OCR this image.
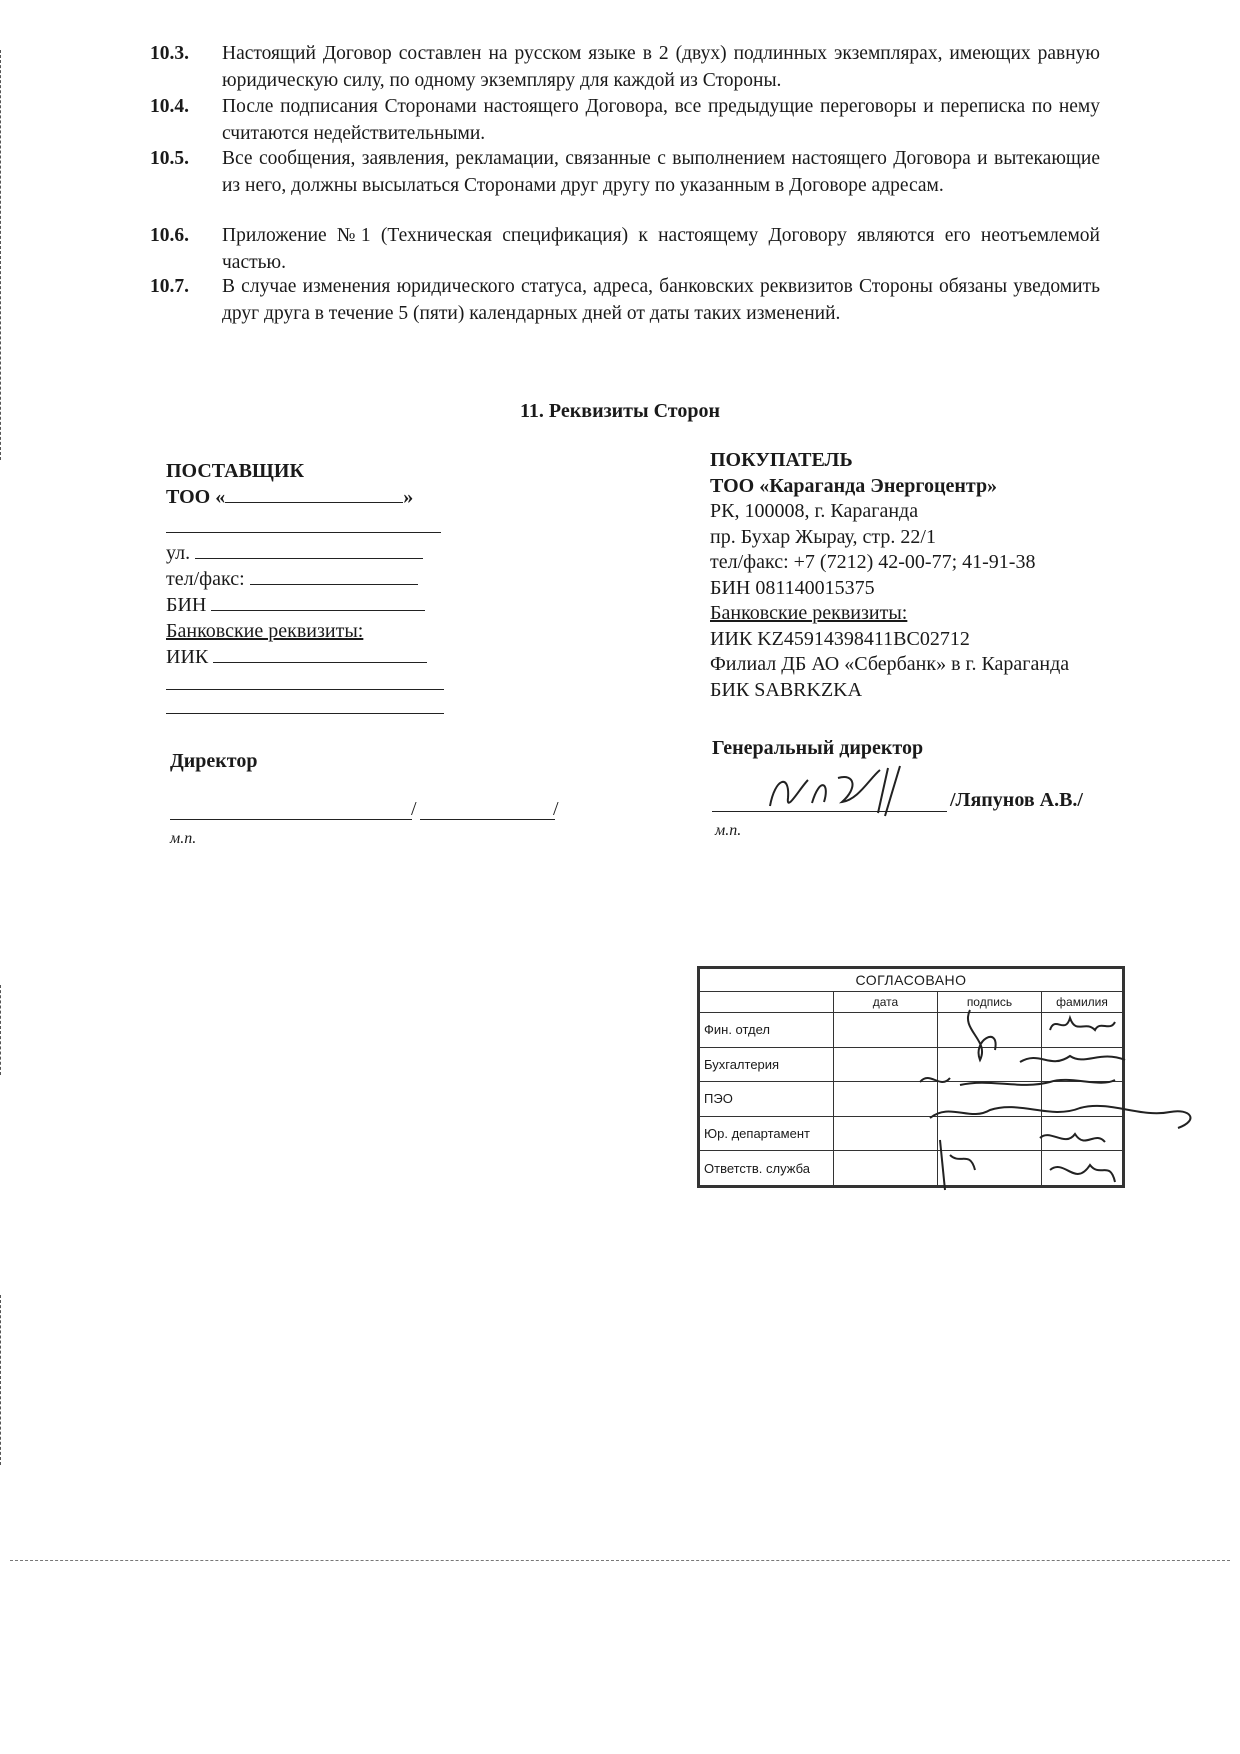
10.3. Настоящий Договор составлен на русском языке в 2 (двух) подлинных экземплярах, имеющих равную юридическую силу, по одному экземпляру для каждой из Стороны.
10.4. После подписания Сторонами настоящего Договора, все предыдущие переговоры и переписка по нему считаются недействительными.
10.5. Все сообщения, заявления, рекламации, связанные с выполнением настоящего Договора и вытекающие из него, должны высылаться Сторонами друг другу по указанным в Договоре адресам.
10.6. Приложение №1 (Техническая спецификация) к настоящему Договору являются его неотъемлемой частью.
10.7. В случае изменения юридического статуса, адреса, банковских реквизитов Стороны обязаны уведомить друг друга в течение 5 (пяти) календарных дней от даты таких изменений.
11. Реквизиты Сторон
ПОСТАВЩИК
ТОО «	»
ул.
тел/факс:
БИН
Банковские реквизиты:
ИИК
Директор
/	/
м.п.
ПОКУПАТЕЛЬ
ТОО «Караганда Энергоцентр»
РК, 100008, г. Караганда
пр. Бухар Жырау, стр. 22/1
тел/факс: +7 (7212) 42-00-77; 41-91-38
БИН 081140015375
Банковские реквизиты:
ИИК KZ45914398411BC02712
Филиал ДБ АО «Сбербанк» в г. Караганда
БИК SABRKZKA
Генеральный директор
/Ляпунов А.В./
м.п.
СОГЛАСОВАНО			
	дата	подпись	фамилия
Фин. отдел			
Бухгалтерия			
ПЭО			
Юр. департамент			
Ответств. служба			
